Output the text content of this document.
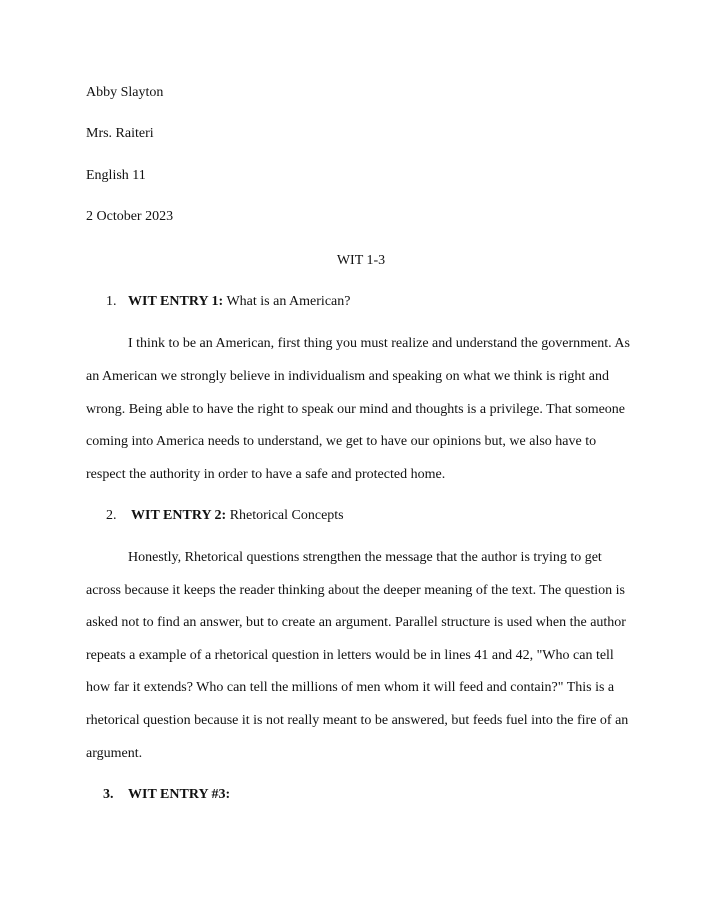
Abby Slayton
Mrs. Raiteri
English 11
2 October 2023
WIT 1-3
1. WIT ENTRY 1: What is an American?
I think to be an American, first thing you must realize and understand the government. As
an American we strongly believe in individualism and speaking on what we think is right and
wrong. Being able to have the right to speak our mind and thoughts is a privilege. That someone
coming into America needs to understand, we get to have our opinions but, we also have to
respect the authority in order to have a safe and protected home.
2. WIT ENTRY 2: Rhetorical Concepts
Honestly, Rhetorical questions strengthen the message that the author is trying to get
across because it keeps the reader thinking about the deeper meaning of the text. The question is
asked not to find an answer, but to create an argument. Parallel structure is used when the author
repeats a example of a rhetorical question in letters would be in lines 41 and 42, "Who can tell
how far it extends? Who can tell the millions of men whom it will feed and contain?" This is a
rhetorical question because it is not really meant to be answered, but feeds fuel into the fire of an
argument.
3. WIT ENTRY #3:
